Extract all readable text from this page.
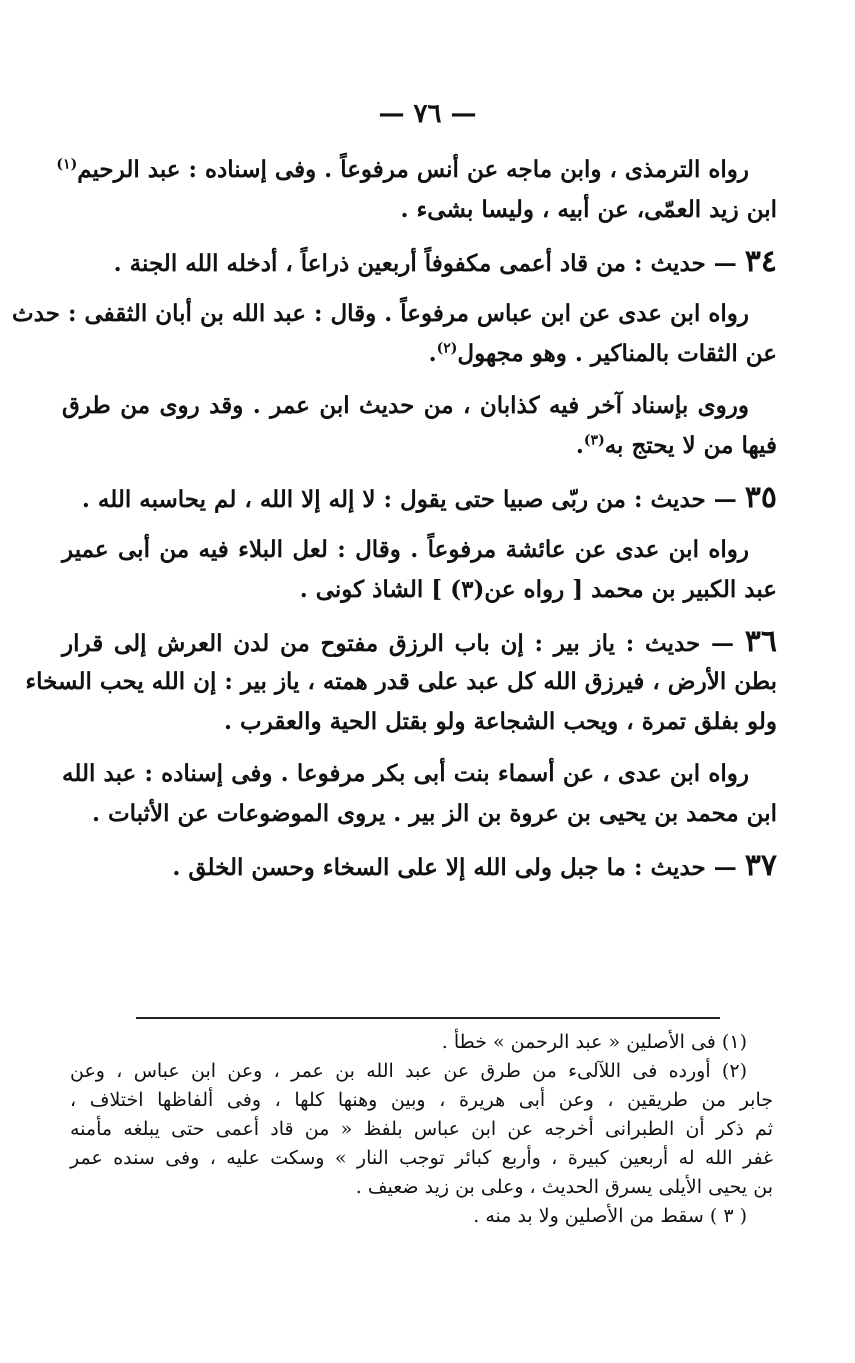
— ٧٦ —
رواه الترمذى ، وابن ماجه عن أنس مرفوعاً . وفى إسناده : عبد الرحيم$^{(١)}$
ابن زيد العمّى، عن أبيه ، وليسا بشىء .
٣٤ — حديث : من قاد أعمى مكفوفاً أربعين ذراعاً ، أدخله الله الجنة .
رواه ابن عدى عن ابن عباس مرفوعاً . وقال : عبد الله بن أبان الثقفى : حدث
عن الثقات بالمناكير . وهو مجهول$^{(٢)}$.
وروى بإسناد آخر فيه كذابان ، من حديث ابن عمر . وقد روى من طرق
فيها من لا يحتج به$^{(٣)}$.
٣٥ — حديث : من ربّى صبيا حتى يقول : لا إله إلا الله ، لم يحاسبه الله .
رواه ابن عدى عن عائشة مرفوعاً . وقال : لعل البلاء فيه من أبى عمير
عبد الكبير بن محمد [ رواه عن(٣) ] الشاذ كونى .
٣٦ — حديث : ياز بير : إن باب الرزق مفتوح من لدن العرش إلى قرار
بطن الأرض ، فيرزق الله كل عبد على قدر همته ، ياز بير : إن الله يحب السخاء
ولو بفلق تمرة ، ويحب الشجاعة ولو بقتل الحية والعقرب .
رواه ابن عدى ، عن أسماء بنت أبى بكر مرفوعا . وفى إسناده : عبد الله
ابن محمد بن يحيى بن عروة بن الز بير . يروى الموضوعات عن الأثبات .
٣٧ — حديث : ما جبل ولى الله إلا على السخاء وحسن الخلق .
(١) فى الأصلين « عبد الرحمن » خطأ .
(٢) أورده فى اللآلىء من طرق عن عبد الله بن عمر ، وعن ابن عباس ، وعن
جابر من طريقين ، وعن أبى هريرة ، وبين وهنها كلها ، وفى ألفاظها اختلاف ،
ثم ذكر أن الطبرانى أخرجه عن ابن عباس بلفظ « من قاد أعمى حتى يبلغه مأمنه
غفر الله له أربعين كبيرة ، وأربع كبائر توجب النار » وسكت عليه ، وفى سنده عمر
بن يحيى الأيلى يسرق الحديث ، وعلى بن زيد ضعيف .
( ٣ ) سقط من الأصلين ولا بد منه .
